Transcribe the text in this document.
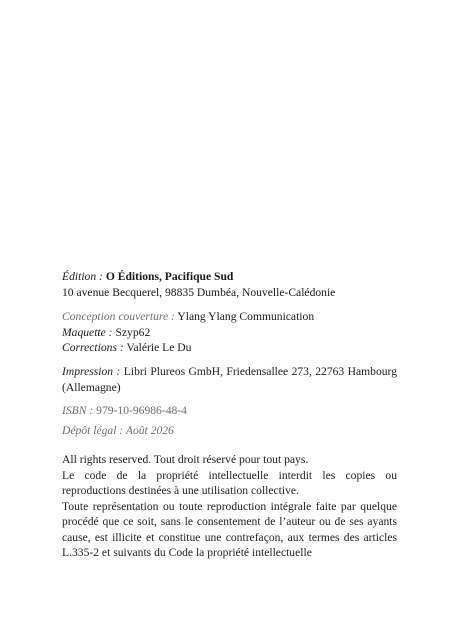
Édition : O Éditions, Pacifique Sud
10 avenue Becquerel, 98835 Dumbéa, Nouvelle-Calédonie
Conception couverture : Ylang Ylang Communication
Maquette : Szyp62
Corrections : Valérie Le Du
Impression : Libri Plureos GmbH, Friedensallee 273, 22763 Hambourg (Allemagne)
ISBN : 979-10-96986-48-4
Dépôt légal : Août 2026
All rights reserved. Tout droit réservé pour tout pays.
Le code de la propriété intellectuelle interdit les copies ou reproductions destinées à une utilisation collective.
Toute représentation ou toute reproduction intégrale faite par quelque procédé que ce soit, sans le consentement de l’auteur ou de ses ayants cause, est illicite et constitue une contrefaçon, aux termes des articles L.335-2 et suivants du Code la propriété intellectuelle
